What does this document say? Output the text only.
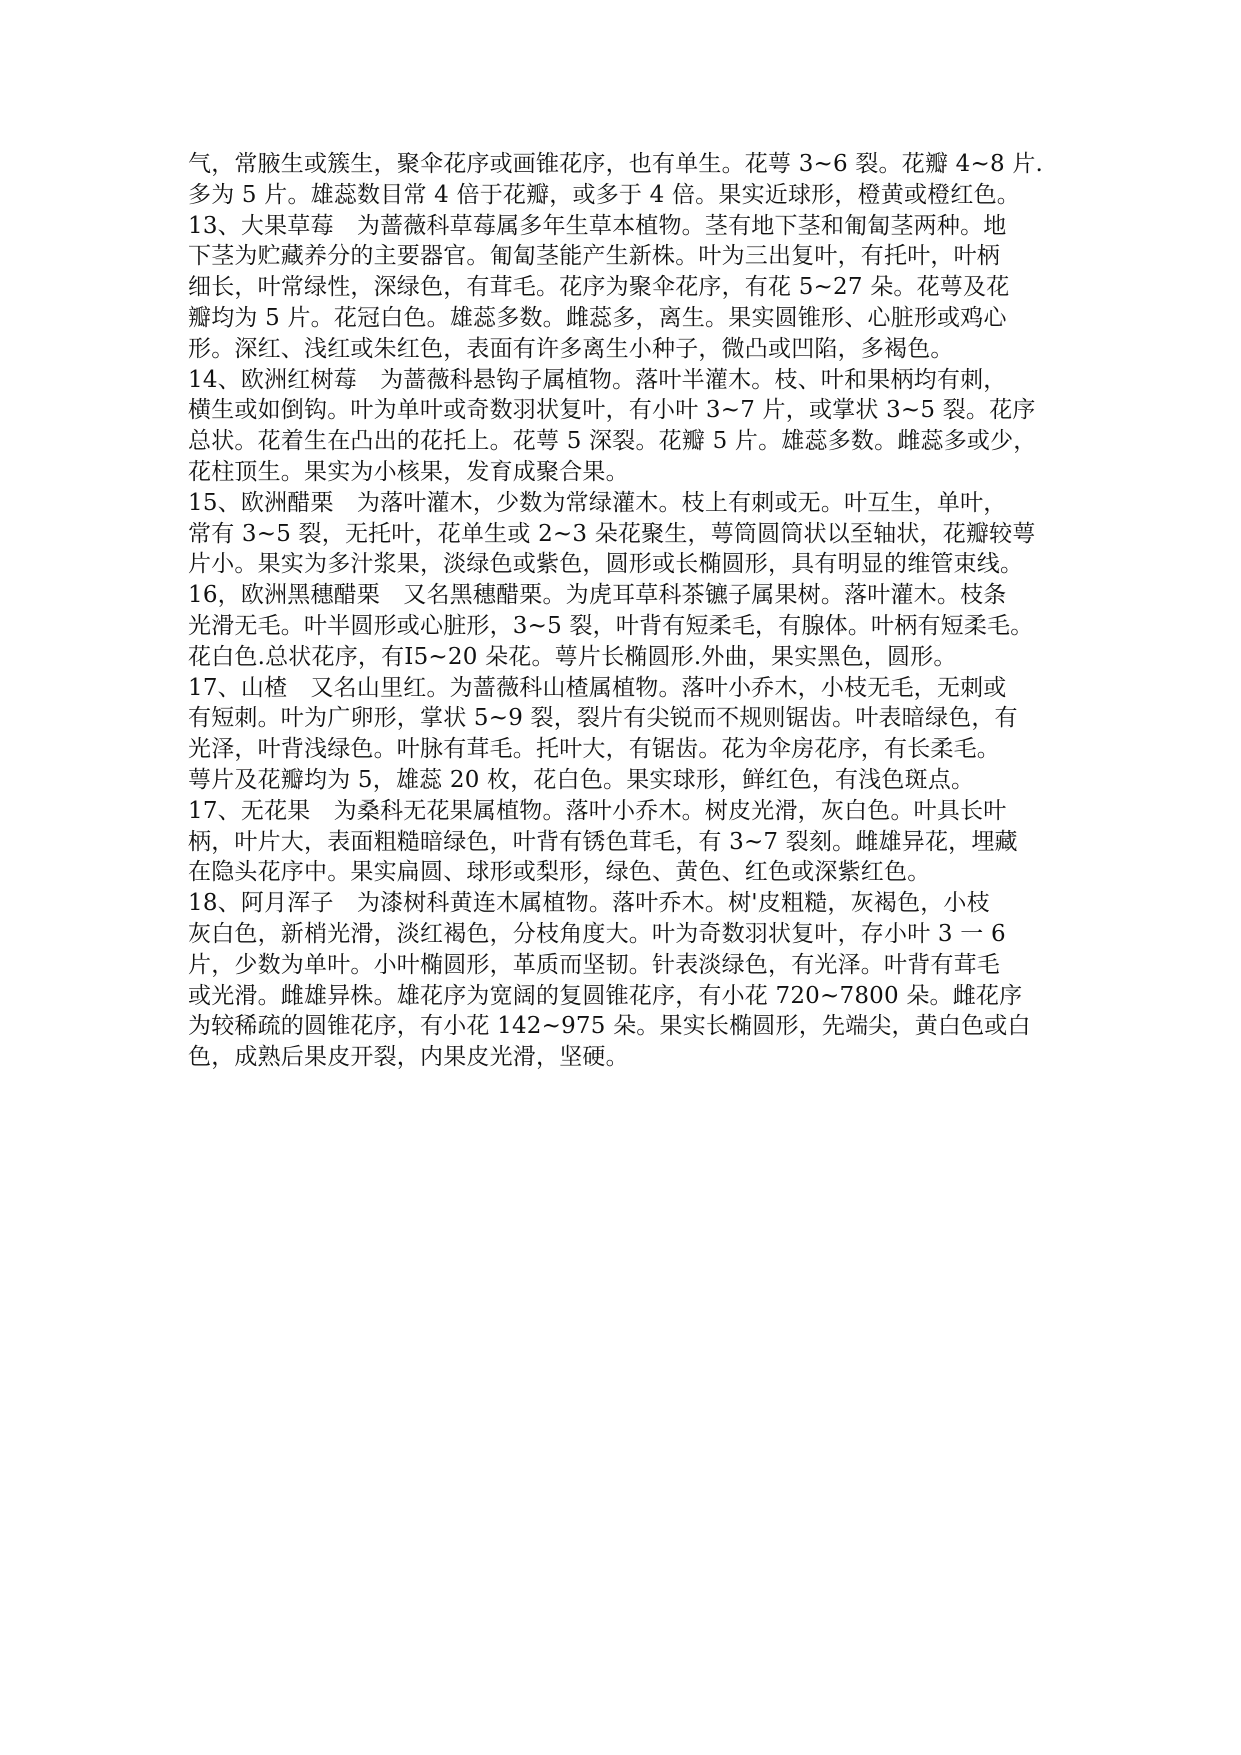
气，常腋生或簇生，聚伞花序或画锥花序，也有单生。花萼 3~6 裂。花瓣 4~8 片.
多为 5 片。雄蕊数目常 4 倍于花瓣，或多于 4 倍。果实近球形，橙黄或橙红色。
13、大果草莓　为蔷薇科草莓属多年生草本植物。茎有地下茎和匍匐茎两种。地
下茎为贮藏养分的主要器官。匍匐茎能产生新株。叶为三出复叶，有托叶，叶柄
细长，叶常绿性，深绿色，有茸毛。花序为聚伞花序，有花 5~27 朵。花萼及花
瓣均为 5 片。花冠白色。雄蕊多数。雌蕊多，离生。果实圆锥形、心脏形或鸡心
形。深红、浅红或朱红色，表面有许多离生小种子，微凸或凹陷，多褐色。
14、欧洲红树莓　为蔷薇科悬钩子属植物。落叶半灌木。枝、叶和果柄均有刺，
横生或如倒钩。叶为单叶或奇数羽状复叶，有小叶 3~7 片，或掌状 3~5 裂。花序
总状。花着生在凸出的花托上。花萼 5 深裂。花瓣 5 片。雄蕊多数。雌蕊多或少，
花柱顶生。果实为小核果，发育成聚合果。
15、欧洲醋栗　为落叶灌木，少数为常绿灌木。枝上有刺或无。叶互生，单叶，
常有 3~5 裂，无托叶，花单生或 2~3 朵花聚生，萼筒圆筒状以至轴状，花瓣较萼
片小。果实为多汁浆果，淡绿色或紫色，圆形或长椭圆形，具有明显的维管束线。
16，欧洲黑穗醋栗　又名黑穗醋栗。为虎耳草科茶镳子属果树。落叶灌木。枝条
光滑无毛。叶半圆形或心脏形，3~5 裂，叶背有短柔毛，有腺体。叶柄有短柔毛。
花白色.总状花序，有Ⅰ5~20 朵花。萼片长椭圆形.外曲，果实黑色，圆形。
17、山楂　又名山里红。为蔷薇科山楂属植物。落叶小乔木，小枝无毛，无刺或
有短刺。叶为广卵形，掌状 5~9 裂，裂片有尖锐而不规则锯齿。叶表暗绿色，有
光泽，叶背浅绿色。叶脉有茸毛。托叶大，有锯齿。花为伞房花序，有长柔毛。
萼片及花瓣均为 5，雄蕊 20 枚，花白色。果实球形，鲜红色，有浅色斑点。
17、无花果　为桑科无花果属植物。落叶小乔木。树皮光滑，灰白色。叶具长叶
柄，叶片大，表面粗糙暗绿色，叶背有锈色茸毛，有 3~7 裂刻。雌雄异花，埋藏
在隐头花序中。果实扁圆、球形或梨形，绿色、黄色、红色或深紫红色。
18、阿月浑子　为漆树科黄连木属植物。落叶乔木。树'皮粗糙，灰褐色，小枝
灰白色，新梢光滑，淡红褐色，分枝角度大。叶为奇数羽状复叶，存小叶 3 一 6
片，少数为单叶。小叶椭圆形，革质而坚韧。针表淡绿色，有光泽。叶背有茸毛
或光滑。雌雄异株。雄花序为宽阔的复圆锥花序，有小花 720~7800 朵。雌花序
为较稀疏的圆锥花序，有小花 142~975 朵。果实长椭圆形，先端尖，黄白色或白
色，成熟后果皮开裂，内果皮光滑，坚硬。
